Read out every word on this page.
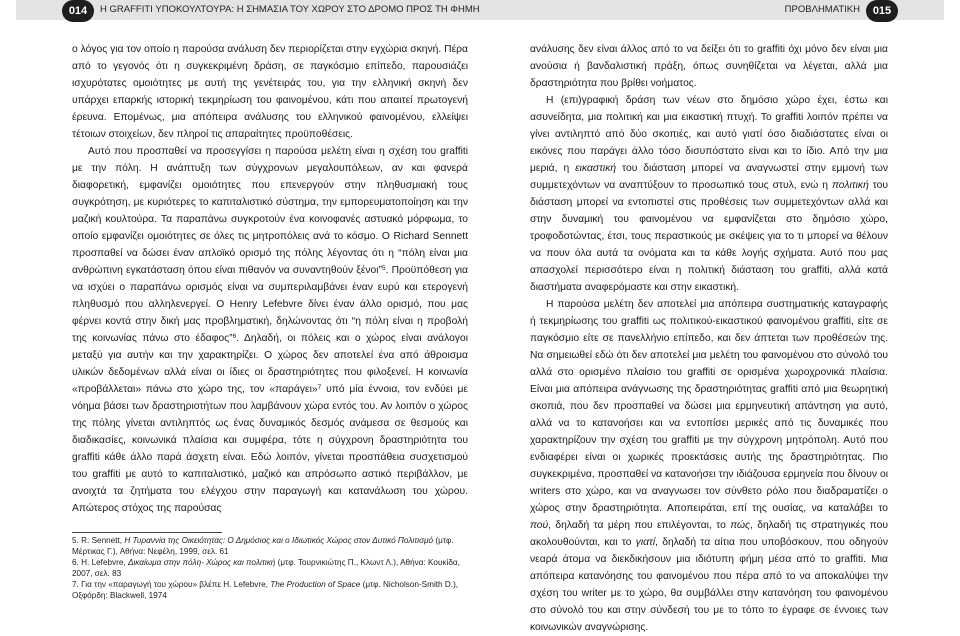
014	Η GRAFFITI ΥΠΟΚΟΥΛΤΟΥΡΑ: Η ΣΗΜΑΣΙΑ ΤΟΥ ΧΩΡΟΥ ΣΤΟ ΔΡΟΜΟ ΠΡΟΣ ΤΗ ΦΗΜΗ	ΠΡΟΒΛΗΜΑΤΙΚΗ	015

ο λόγος για τον οποίο η παρούσα ανάλυση δεν περιορίζεται στην εγχώρια σκηνή. Πέρα από το γεγονός ότι η συγκεκριμένη δράση, σε παγκόσμιο επίπεδο, παρουσιάζει ισχυρότατες ομοιότητες με αυτή της γενέτειράς του, για την ελληνική σκηνή δεν υπάρχει επαρκής ιστορική τεκμηρίωση του φαινομένου, κάτι που απαιτεί πρωτογενή έρευνα. Επομένως, μια απόπειρα ανάλυσης του ελληνικού φαινομένου, ελλείψει τέτοιων στοιχείων, δεν πληροί τις απαραίτητες προϋποθέσεις.

Αυτό που προσπαθεί να προσεγγίσει η παρούσα μελέτη είναι η σχέση του graffiti με την πόλη. Η ανάπτυξη των σύγχρονων μεγαλουπόλεων, αν και φανερά διαφορετική, εμφανίζει ομοιότητες που επενεργούν στην πληθυσμιακή τους συγκρότηση, με κυριότερες το καπιταλιστικό σύστημα, την εμπορευματοποίηση και την μαζική κουλτούρα. Τα παραπάνω συγκροτούν ένα κοινοφανές αστυακό μόρφωμα, το οποίο εμφανίζει ομοιότητες σε όλες τις μητροπόλεις ανά το κόσμο. Ο Richard Sennett προσπαθεί να δώσει έναν απλοϊκό ορισμό της πόλης λέγοντας ότι η “πόλη είναι μια ανθρώπινη εγκατάσταση όπου είναι πιθανόν να συναντηθούν ξένοι”$^5$. Προϋπόθεση για να ισχύει ο παραπάνω ορισμός είναι να συμπεριλαμβάνει έναν ευρύ και ετερογενή πληθυσμό που αλληλενεργεί. Ο Henry Lefebvre δίνει έναν άλλο ορισμό, που μας φέρνει κοντά στην δική μας προβληματική, δηλώνοντας ότι “η πόλη είναι η προβολή της κοινωνίας πάνω στο έδαφος”$^6$. Δηλαδή, οι πόλεις και ο χώρος είναι ανάλογοι μεταξύ για αυτήν και την χαρακτηρίζει. Ο χώρος δεν αποτελεί ένα από άθροισμα υλικών δεδομένων αλλά είναι οι ίδιες οι δραστηριότητες που φιλοξενεί. Η κοινωνία «προβάλλεται» πάνω στο χώρο της, τον «παράγει»$^7$ υπό μία έννοια, τον ενδύει με νόημα βάσει των δραστηριοτήτων που λαμβάνουν χώρα εντός του. Αν λοιπόν ο χώρος της πόλης γίνεται αντιληπτός ως ένας δυναμικός δεσμός ανάμεσα σε θεσμούς και διαδικασίες, κοινωνικά πλαίσια και συμφέρα, τότε η σύγχρονη δραστηριότητα του graffiti κάθε άλλο παρά άσχετη είναι. Εδώ λοιπόν, γίνεται προσπάθεια συσχετισμού του graffiti με αυτό το καπιταλιστικό, μαζικό και απρόσωπο αστικό περιβάλλον, με ανοιχτά τα ζητήματα του ελέγχου στην παραγωγή και κατανάλωση του χώρου. Απώτερος στόχος της παρούσας

ανάλυσης δεν είναι άλλος από το να δείξει ότι το graffiti όχι μόνο δεν είναι μια ανούσια ή βανδαλιστική πράξη, όπως συνηθίζεται να λέγεται, αλλά μια δραστηριότητα που βρίθει νοήματος.

Η (επι)γραφική δράση των νέων στο δημόσιο χώρο έχει, έστω και ασυνείδητα, μια πολιτική και μια εικαστική πτυχή. Το graffiti λοιπόν πρέπει να γίνει αντιληπτό από δύο σκοπιές, και αυτό γιατί όσο διαδιάστατες είναι οι εικόνες που παράγει άλλο τόσο δισυπόστατο είναι και το ίδιο. Από την μια μεριά, η εικαστική του διάσταση μπορεί να αναγνωστεί στην εμμονή των συμμετεχόντων να αναπτύξουν το προσωπικό τους στυλ, ενώ η πολιτική του διάσταση μπορεί να εντοπιστεί στις προθέσεις των συμμετεχόντων αλλά και στην δυναμική του φαινομένου να εμφανίζεται στο δημόσιο χώρο, τροφοδοτώντας, έτσι, τους περαστικούς με σκέψεις για το τι μπορεί να θέλουν να πουν όλα αυτά τα ονόματα και τα κάθε λογής σχήματα. Αυτό που μας απασχολεί περισσότερο είναι η πολιτική διάσταση του graffiti, αλλά κατά διαστήματα αναφερόμαστε και στην εικαστική.

Η παρούσα μελέτη δεν αποτελεί μια απόπειρα συστηματικής καταγραφής ή τεκμηρίωσης του graffiti ως πολιτικού-εικαστικού φαινομένου graffiti, είτε σε παγκόσμιο είτε σε πανελλήνιο επίπεδο, και δεν άπτεται των προθέσεών της. Να σημειωθεί εδώ ότι δεν αποτελεί μια μελέτη του φαινομένου στο σύνολό του αλλά στο ορισμένο πλαίσιο του graffiti σε ορισμένα χωροχρονικά πλαίσια. Είναι μια απόπειρα ανάγνωσης της δραστηριότητας graffiti από μια θεωρητική σκοπιά, που δεν προσπαθεί να δώσει μια ερμηνευτική απάντηση για αυτό, αλλά να το κατανοήσει και να εντοπίσει μερικές από τις δυναμικές που χαρακτηρίζουν την σχέση του graffiti με την σύγχρονη μητρόπολη. Αυτό που ενδιαφέρει είναι οι χωρικές προεκτάσεις αυτής της δραστηριότητας. Πιο συγκεκριμένα, προσπαθεί να κατανοήσει την ιδιάζουσα ερμηνεία που δίνουν οι writers στο χώρο, και να αναγνωσει τον σύνθετο ρόλο που διαδραματίζει ο χώρος στην δραστηριότητα. Αποπειράται, επί της ουσίας, να καταλάβει το πού, δηλαδή τα μέρη που επιλέγονται, το πώς, δηλαδή τις στρατηγικές που ακολουθούνται, και το γιατί, δηλαδή τα αίτια που υποβόσκουν, που οδηγούν νεαρά άτομα να διεκδικήσουν μια ιδιότυπη φήμη μέσα από το graffiti. Μια απόπειρα κατανόησης του φαινομένου που πέρα από το να αποκαλύψει την σχέση του writer με το χώρο, θα συμβάλλει στην κατανόηση του φαινομένου στο σύνολό του και στην σύνδεσή του με το τόπο το έγραφε σε έννοιες των κοινωνικών αναγνώρισης.

5. R. Sennett, Η Τυραννία της Οικειότητας: Ο Δημόσιος και ο Ιδιωτικός Χώρος στον Δυτικό Πολιτισμό (μτφ. Μέρτικας Γ.), Αθήνα: Νεφέλη, 1999, σελ. 61

6. H. Lefebvre, Δικαίωμα στην πόλη- Χώρος και πολιτική (μτφ. Τουρνικιώτης Π., Κλωντ Λ.), Αθήνα: Κουκίδα, 2007, σελ. 83

7. Για την «παραγωγή του χώρου» βλέπε H. Lefebvre, The Production of Space (μτφ. Nicholson-Smith D.), Οξφόρδη: Blackwell, 1974
